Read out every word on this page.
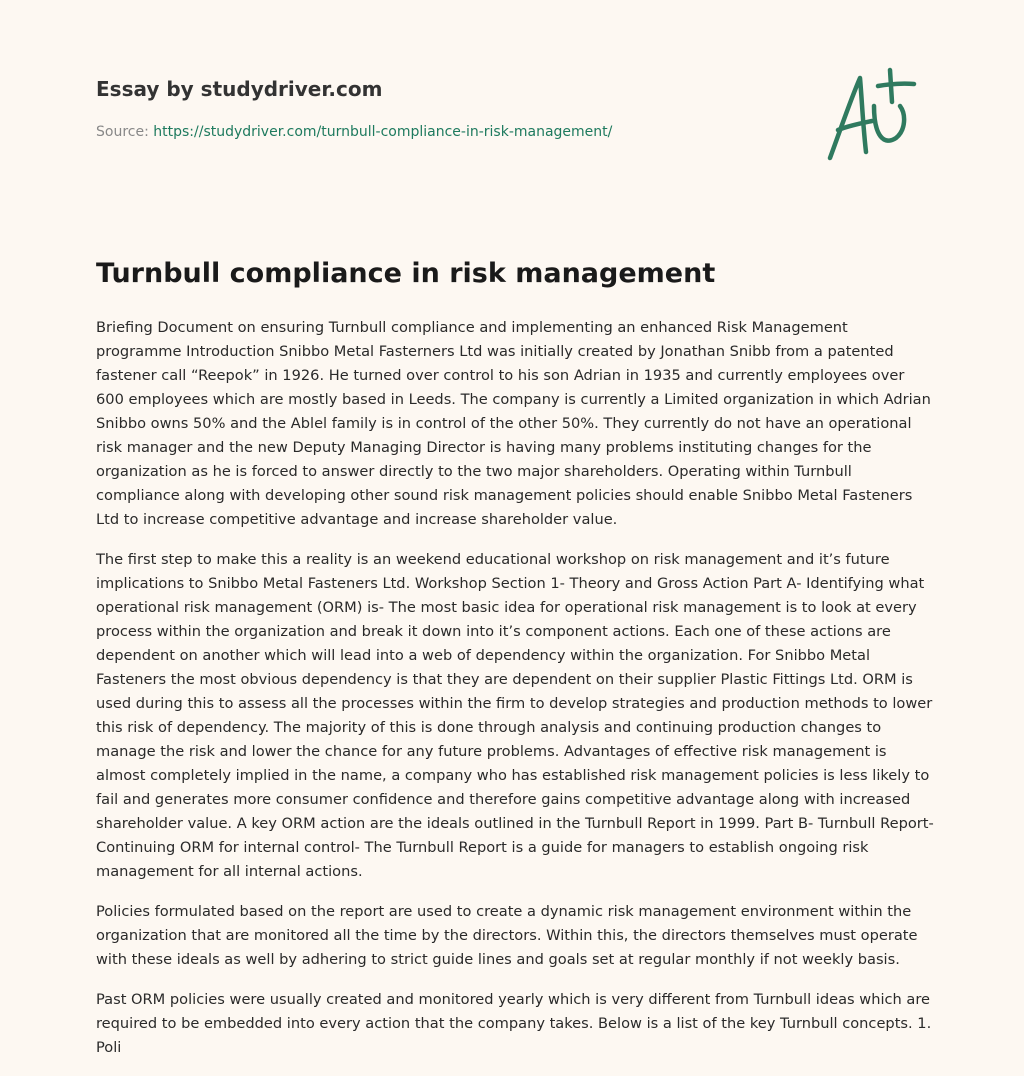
Essay by studydriver.com
Source: https://studydriver.com/turnbull-compliance-in-risk-management/
Turnbull compliance in risk management

Briefing Document on ensuring Turnbull compliance and implementing an enhanced Risk Management programme Introduction Snibbo Metal Fasterners Ltd was initially created by Jonathan Snibb from a patented fastener call “Reepok” in 1926. He turned over control to his son Adrian in 1935 and currently employees over 600 employees which are mostly based in Leeds. The company is currently a Limited organization in which Adrian Snibbo owns 50% and the Ablel family is in control of the other 50%. They currently do not have an operational risk manager and the new Deputy Managing Director is having many problems instituting changes for the organization as he is forced to answer directly to the two major shareholders. Operating within Turnbull compliance along with developing other sound risk management policies should enable Snibbo Metal Fasteners Ltd to increase competitive advantage and increase shareholder value.

The first step to make this a reality is an weekend educational workshop on risk management and it’s future implications to Snibbo Metal Fasteners Ltd. Workshop Section 1- Theory and Gross Action Part A- Identifying what operational risk management (ORM) is- The most basic idea for operational risk management is to look at every process within the organization and break it down into it’s component actions. Each one of these actions are dependent on another which will lead into a web of dependency within the organization. For Snibbo Metal Fasteners the most obvious dependency is that they are dependent on their supplier Plastic Fittings Ltd. ORM is used during this to assess all the processes within the firm to develop strategies and production methods to lower this risk of dependency. The majority of this is done through analysis and continuing production changes to manage the risk and lower the chance for any future problems. Advantages of effective risk management is almost completely implied in the name, a company who has established risk management policies is less likely to fail and generates more consumer confidence and therefore gains competitive advantage along with increased shareholder value. A key ORM action are the ideals outlined in the Turnbull Report in 1999. Part B- Turnbull Report- Continuing ORM for internal control- The Turnbull Report is a guide for managers to establish ongoing risk management for all internal actions.

Policies formulated based on the report are used to create a dynamic risk management environment within the organization that are monitored all the time by the directors. Within this, the directors themselves must operate with these ideals as well by adhering to strict guide lines and goals set at regular monthly if not weekly basis.

Past ORM policies were usually created and monitored yearly which is very different from Turnbull ideas which are required to be embedded into every action that the company takes. Below is a list of the key Turnbull concepts. 1. Poli
